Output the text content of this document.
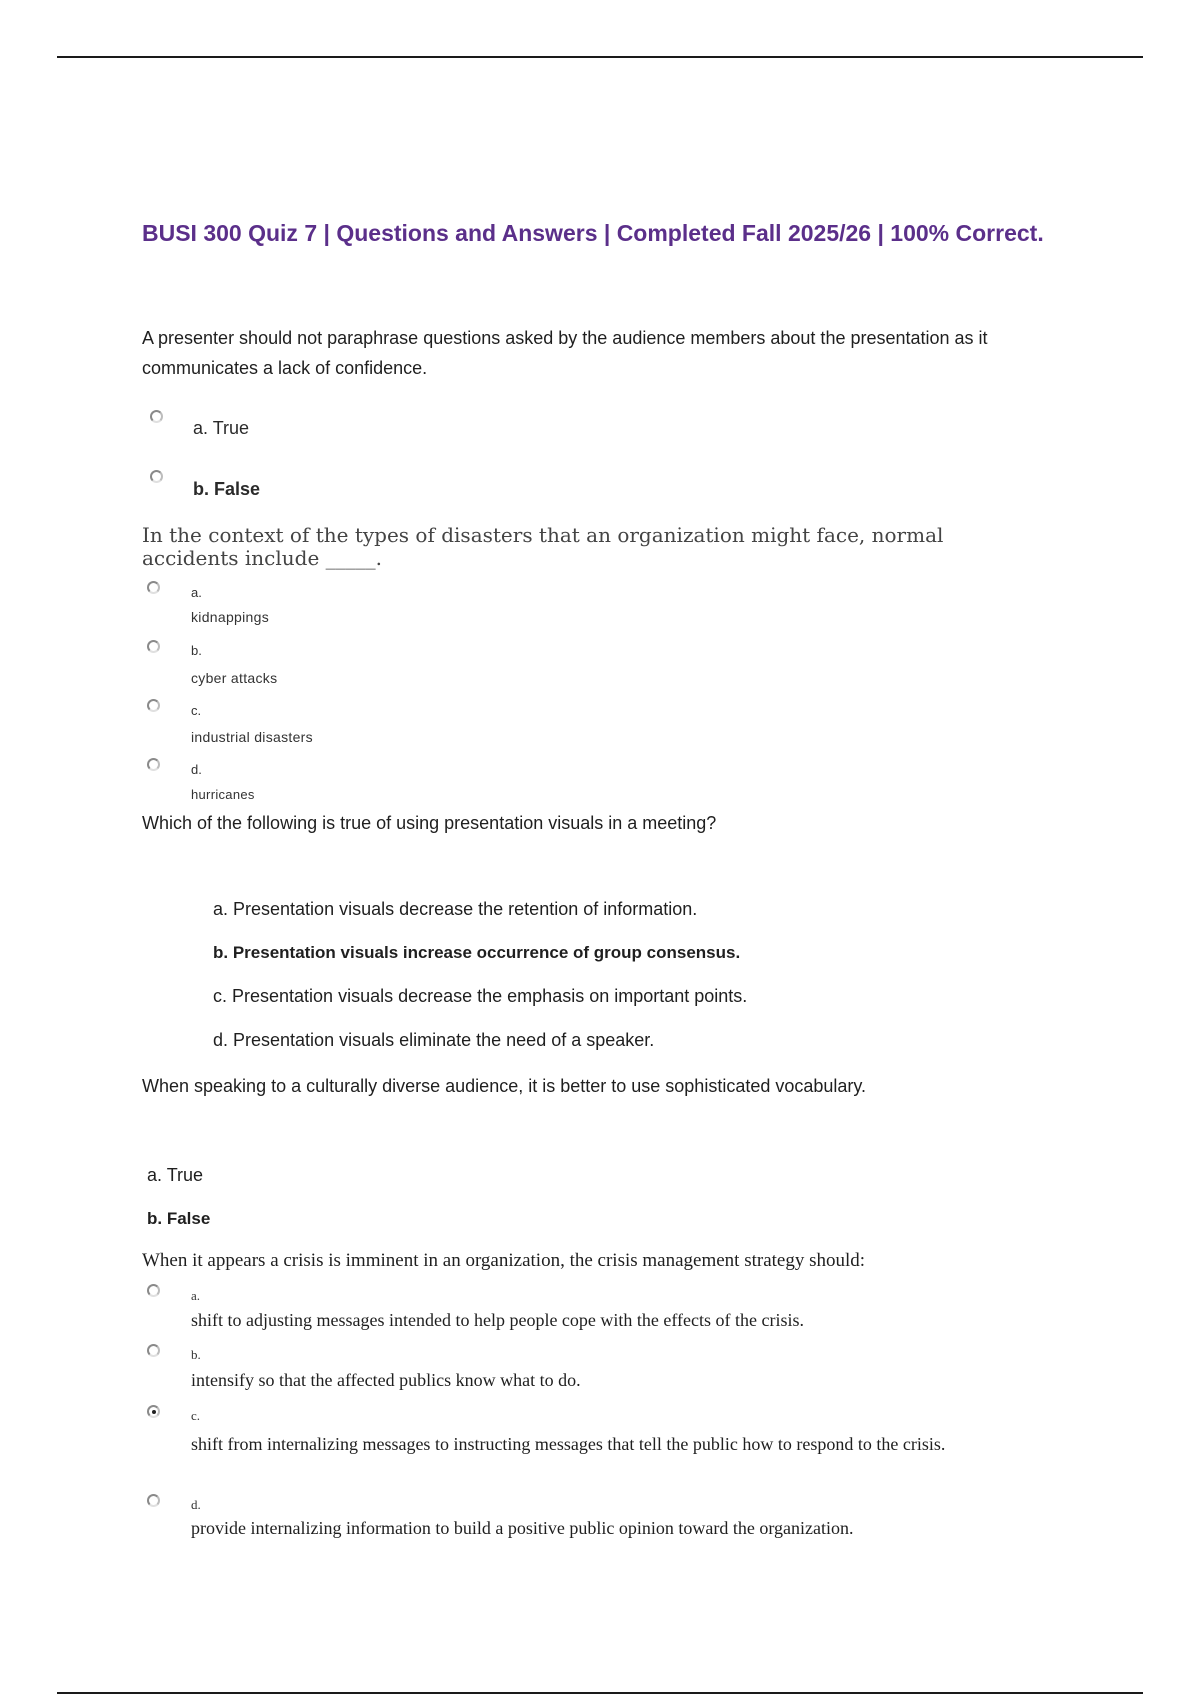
BUSI 300 Quiz 7 | Questions and Answers | Completed Fall 2025/26 | 100% Correct.
A presenter should not paraphrase questions asked by the audience members about the presentation as it communicates a lack of confidence.
a. True
b. False
In the context of the types of disasters that an organization might face, normal accidents include _____.
a.
kidnappings
b.
cyber attacks
c.
industrial disasters
d.
hurricanes
Which of the following is true of using presentation visuals in a meeting?
a. Presentation visuals decrease the retention of information.
b. Presentation visuals increase occurrence of group consensus.
c. Presentation visuals decrease the emphasis on important points.
d. Presentation visuals eliminate the need of a speaker.
When speaking to a culturally diverse audience, it is better to use sophisticated vocabulary.
a. True
b. False
When it appears a crisis is imminent in an organization, the crisis management strategy should:
a.
shift to adjusting messages intended to help people cope with the effects of the crisis.
b.
intensify so that the affected publics know what to do.
c.
shift from internalizing messages to instructing messages that tell the public how to respond to the crisis.
d.
provide internalizing information to build a positive public opinion toward the organization.
